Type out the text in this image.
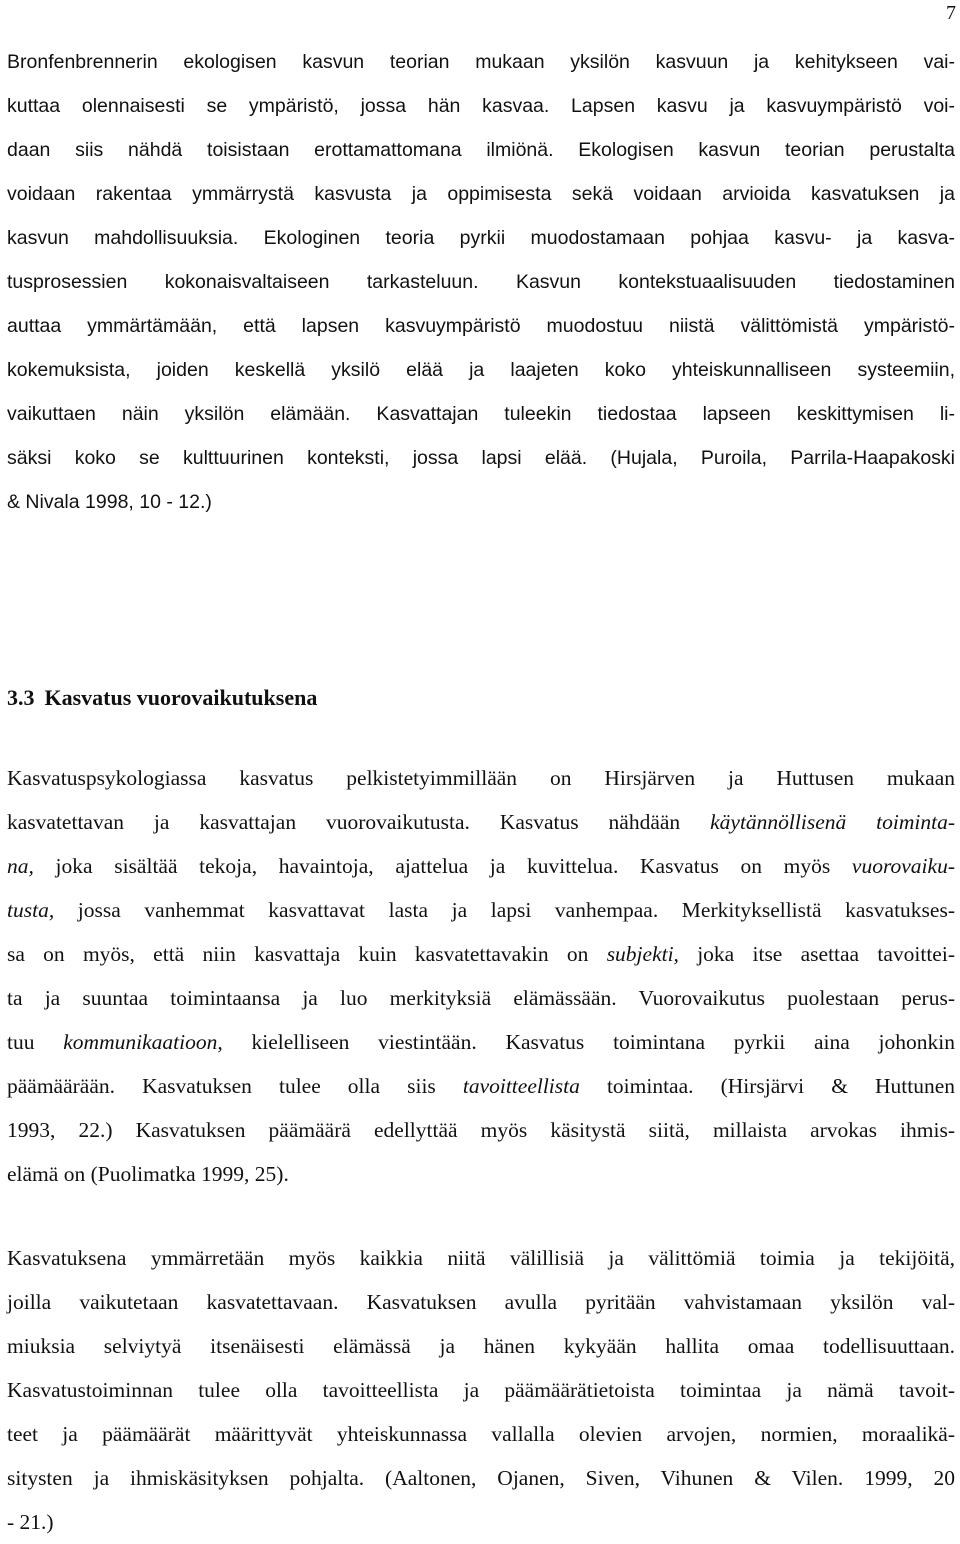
7
Bronfenbrennerin ekologisen kasvun teorian mukaan yksilön kasvuun ja kehitykseen vai-
kuttaa olennaisesti se ympäristö, jossa hän kasvaa. Lapsen kasvu ja kasvuympäristö voi-
daan siis nähdä toisistaan erottamattomana ilmiönä. Ekologisen kasvun teorian perustalta
voidaan rakentaa ymmärrystä kasvusta ja oppimisesta sekä voidaan arvioida kasvatuksen ja
kasvun mahdollisuuksia. Ekologinen teoria pyrkii muodostamaan pohjaa kasvu- ja kasva-
tusprosessien kokonaisvaltaiseen tarkasteluun. Kasvun kontekstuaalisuuden tiedostaminen
auttaa ymmärtämään, että lapsen kasvuympäristö muodostuu niistä välittömistä ympäristö-
kokemuksista, joiden keskellä yksilö elää ja laajeten koko yhteiskunnalliseen systeemiin,
vaikuttaen näin yksilön elämään. Kasvattajan tuleekin tiedostaa lapseen keskittymisen li-
säksi koko se kulttuurinen konteksti, jossa lapsi elää. (Hujala, Puroila, Parrila-Haapakoski
& Nivala 1998, 10 - 12.)
3.3 Kasvatus vuorovaikutuksena
Kasvatuspsykologiassa kasvatus pelkistetyimmillään on Hirsjärven ja Huttusen mukaan
kasvatettavan ja kasvattajan vuorovaikutusta. Kasvatus nähdään käytännöllisenä toiminta-
na, joka sisältää tekoja, havaintoja, ajattelua ja kuvittelua. Kasvatus on myös vuorovaiku-
tusta, jossa vanhemmat kasvattavat lasta ja lapsi vanhempaa. Merkityksellistä kasvatukses-
sa on myös, että niin kasvattaja kuin kasvatettavakin on subjekti, joka itse asettaa tavoittei-
ta ja suuntaa toimintaansa ja luo merkityksiä elämässään. Vuorovaikutus puolestaan perus-
tuu kommunikaatioon, kielelliseen viestintään. Kasvatus toimintana pyrkii aina johonkin
päämäärään. Kasvatuksen tulee olla siis tavoitteellista toimintaa. (Hirsjärvi & Huttunen
1993, 22.) Kasvatuksen päämäärä edellyttää myös käsitystä siitä, millaista arvokas ihmis-
elämä on (Puolimatka 1999, 25).
Kasvatuksena ymmärretään myös kaikkia niitä välillisiä ja välittömiä toimia ja tekijöitä,
joilla vaikutetaan kasvatettavaan. Kasvatuksen avulla pyritään vahvistamaan yksilön val-
miuksia selviytyä itsenäisesti elämässä ja hänen kykyään hallita omaa todellisuuttaan.
Kasvatustoiminnan tulee olla tavoitteellista ja päämäärätietoista toimintaa ja nämä tavoit-
teet ja päämäärät määrittyvät yhteiskunnassa vallalla olevien arvojen, normien, moraalikä-
sitysten ja ihmiskäsityksen pohjalta. (Aaltonen, Ojanen, Siven, Vihunen & Vilen. 1999, 20
- 21.)
